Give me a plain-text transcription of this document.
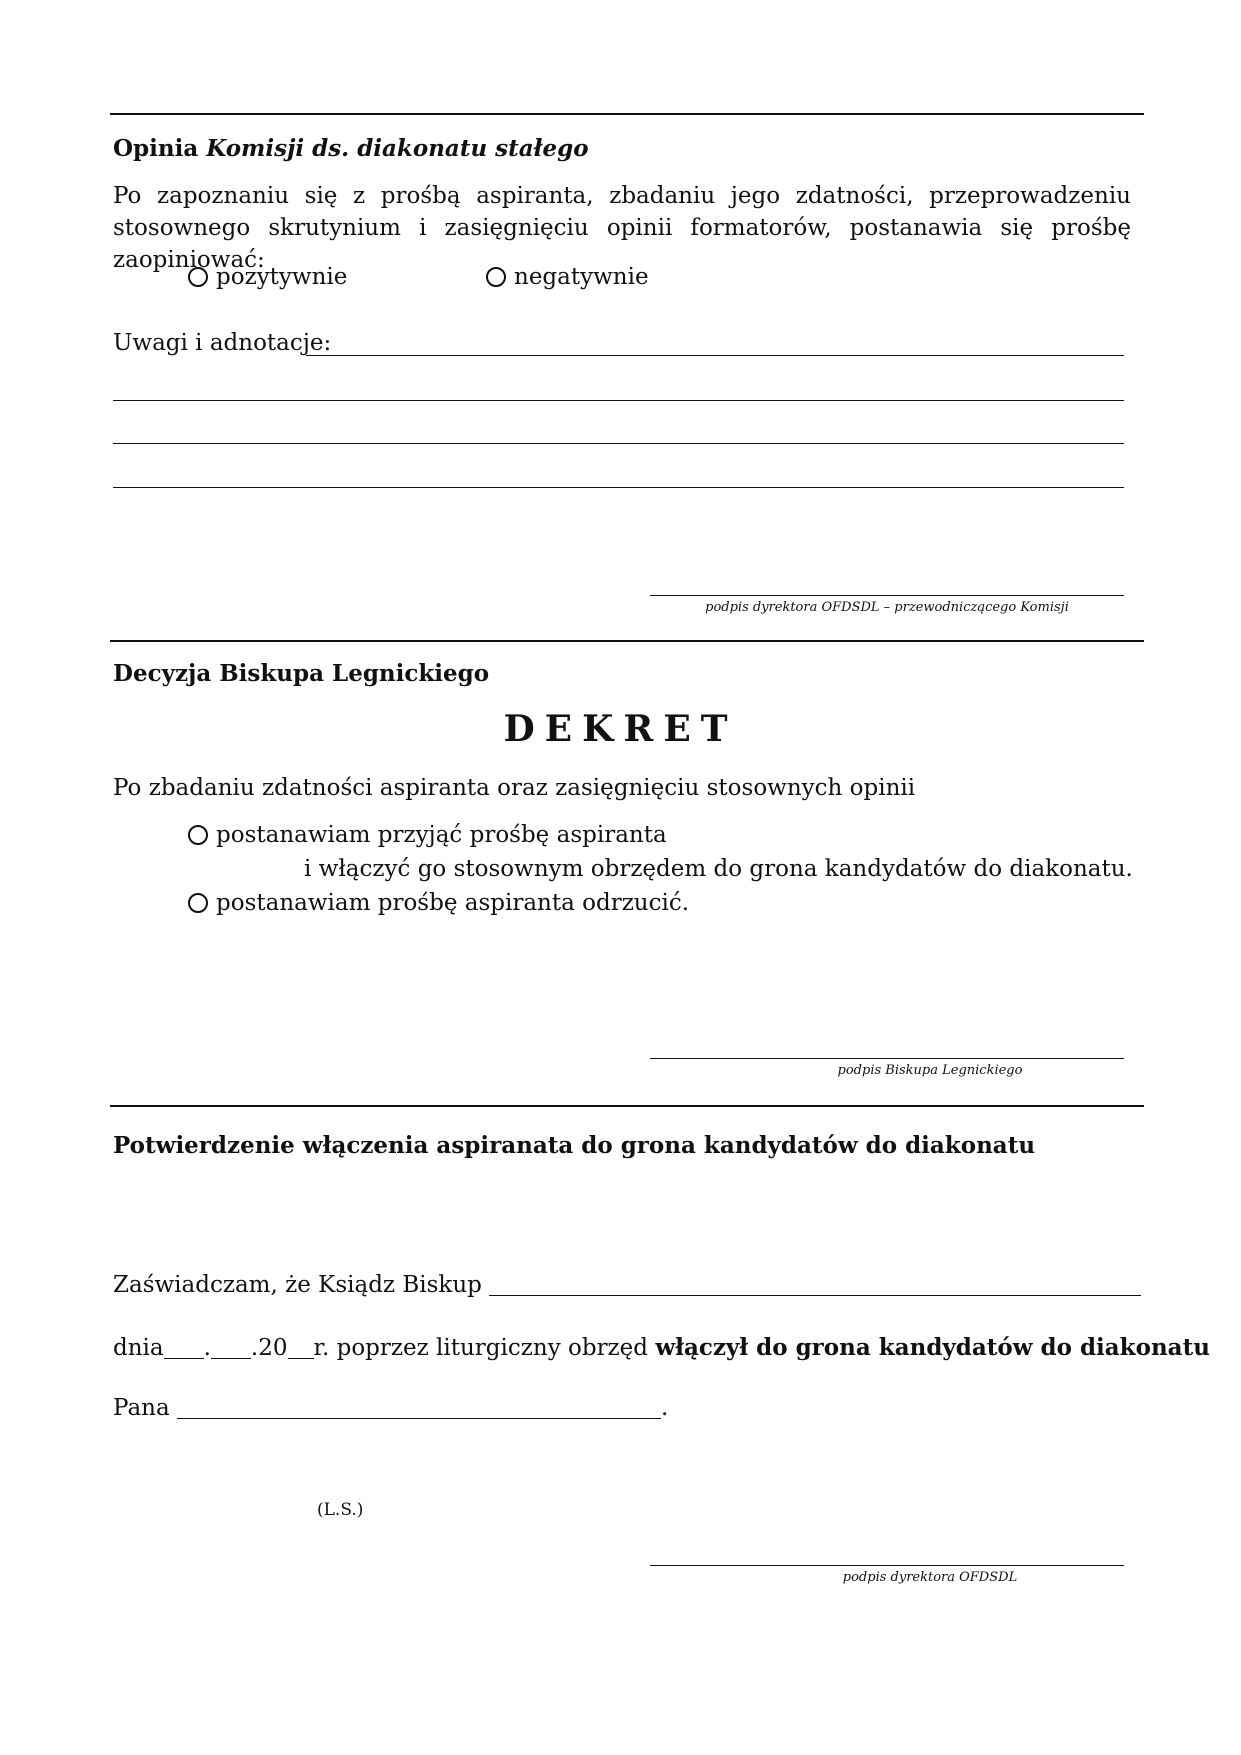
Opinia Komisji ds. diakonatu stałego
Po zapoznaniu się z prośbą aspiranta, zbadaniu jego zdatności, przeprowadzeniu stosownego skrutynium i zasięgnięciu opinii formatorów, postanawia się prośbę zaopiniować:
pozytywnie	negatywnie
Uwagi i adnotacje:
podpis dyrektora OFDSDL – przewodniczącego Komisji
Decyzja Biskupa Legnickiego
DEKRET
Po zbadaniu zdatności aspiranta oraz zasięgnięciu stosownych opinii
postanawiam przyjąć prośbę aspiranta
i włączyć go stosownym obrzędem do grona kandydatów do diakonatu.
postanawiam prośbę aspiranta odrzucić.
podpis Biskupa Legnickiego
Potwierdzenie włączenia aspiranata do grona kandydatów do diakonatu
Zaświadczam, że Ksiądz Biskup
dnia . .20 r. poprzez liturgiczny obrzęd włączył do grona kandydatów do diakonatu
Pana	.
(L.S.)
podpis dyrektora OFDSDL
